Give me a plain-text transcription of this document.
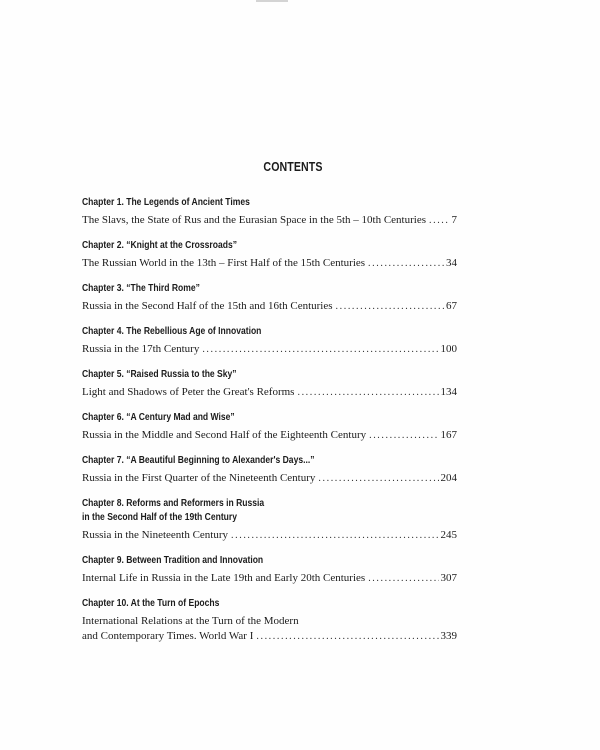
CONTENTS
Chapter 1. The Legends of Ancient Times
The Slavs, the State of Rus and the Eurasian Space in the 5th – 10th Centuries ..... 7
Chapter 2. “Knight at the Crossroads”
The Russian World in the 13th – First Half of the 15th Centuries .....	34
Chapter 3. “The Third Rome”
Russia in the Second Half of the 15th and 16th Centuries .....	67
Chapter 4. The Rebellious Age of Innovation
Russia in the 17th Century .....	100
Chapter 5. “Raised Russia to the Sky”
Light and Shadows of Peter the Great's Reforms .....	134
Chapter 6. “A Century Mad and Wise”
Russia in the Middle and Second Half of the Eighteenth Century .....	167
Chapter 7. “A Beautiful Beginning to Alexander's Days...”
Russia in the First Quarter of the Nineteenth Century .....	204
Chapter 8. Reforms and Reformers in Russia
in the Second Half of the 19th Century
Russia in the Nineteenth Century .....	245
Chapter 9. Between Tradition and Innovation
Internal Life in Russia in the Late 19th and Early 20th Centuries .....	307
Chapter 10. At the Turn of Epochs
International Relations at the Turn of the Modern
and Contemporary Times. World War I .....	339
